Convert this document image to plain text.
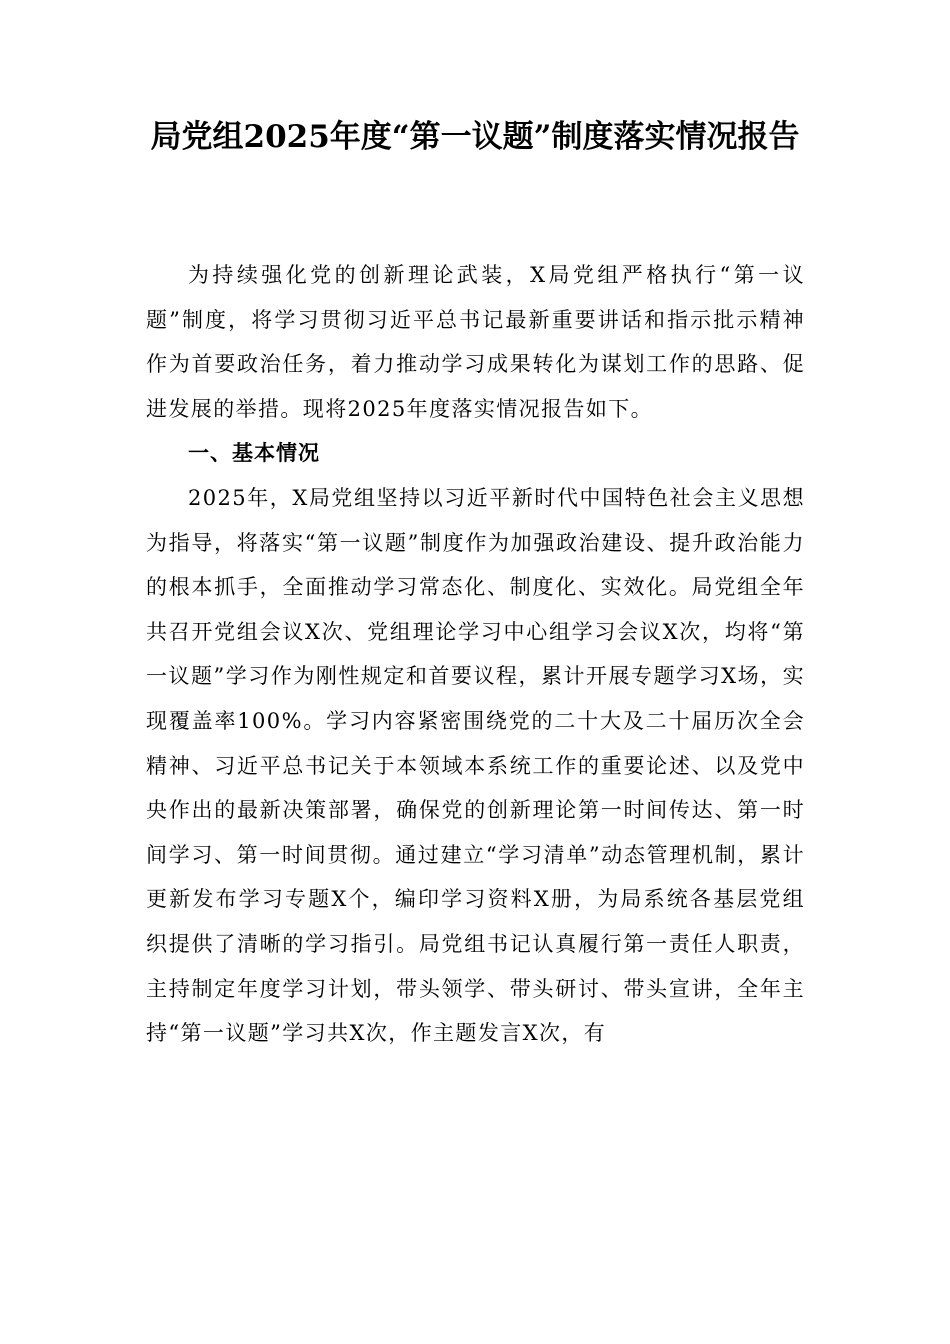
局党组2025年度“第一议题”制度落实情况报告

为持续强化党的创新理论武装，X局党组严格执行“第一议题”制度，将学习贯彻习近平总书记最新重要讲话和指示批示精神作为首要政治任务，着力推动学习成果转化为谋划工作的思路、促进发展的举措。现将2025年度落实情况报告如下。

一、基本情况

2025年，X局党组坚持以习近平新时代中国特色社会主义思想为指导，将落实“第一议题”制度作为加强政治建设、提升政治能力的根本抓手，全面推动学习常态化、制度化、实效化。局党组全年共召开党组会议X次、党组理论学习中心组学习会议X次，均将“第一议题”学习作为刚性规定和首要议程，累计开展专题学习X场，实现覆盖率100%。学习内容紧密围绕党的二十大及二十届历次全会精神、习近平总书记关于本领域本系统工作的重要论述、以及党中央作出的最新决策部署，确保党的创新理论第一时间传达、第一时间学习、第一时间贯彻。通过建立“学习清单”动态管理机制，累计更新发布学习专题X个，编印学习资料X册，为局系统各基层党组织提供了清晰的学习指引。局党组书记认真履行第一责任人职责，主持制定年度学习计划，带头领学、带头研讨、带头宣讲，全年主持“第一议题”学习共X次，作主题发言X次，有
